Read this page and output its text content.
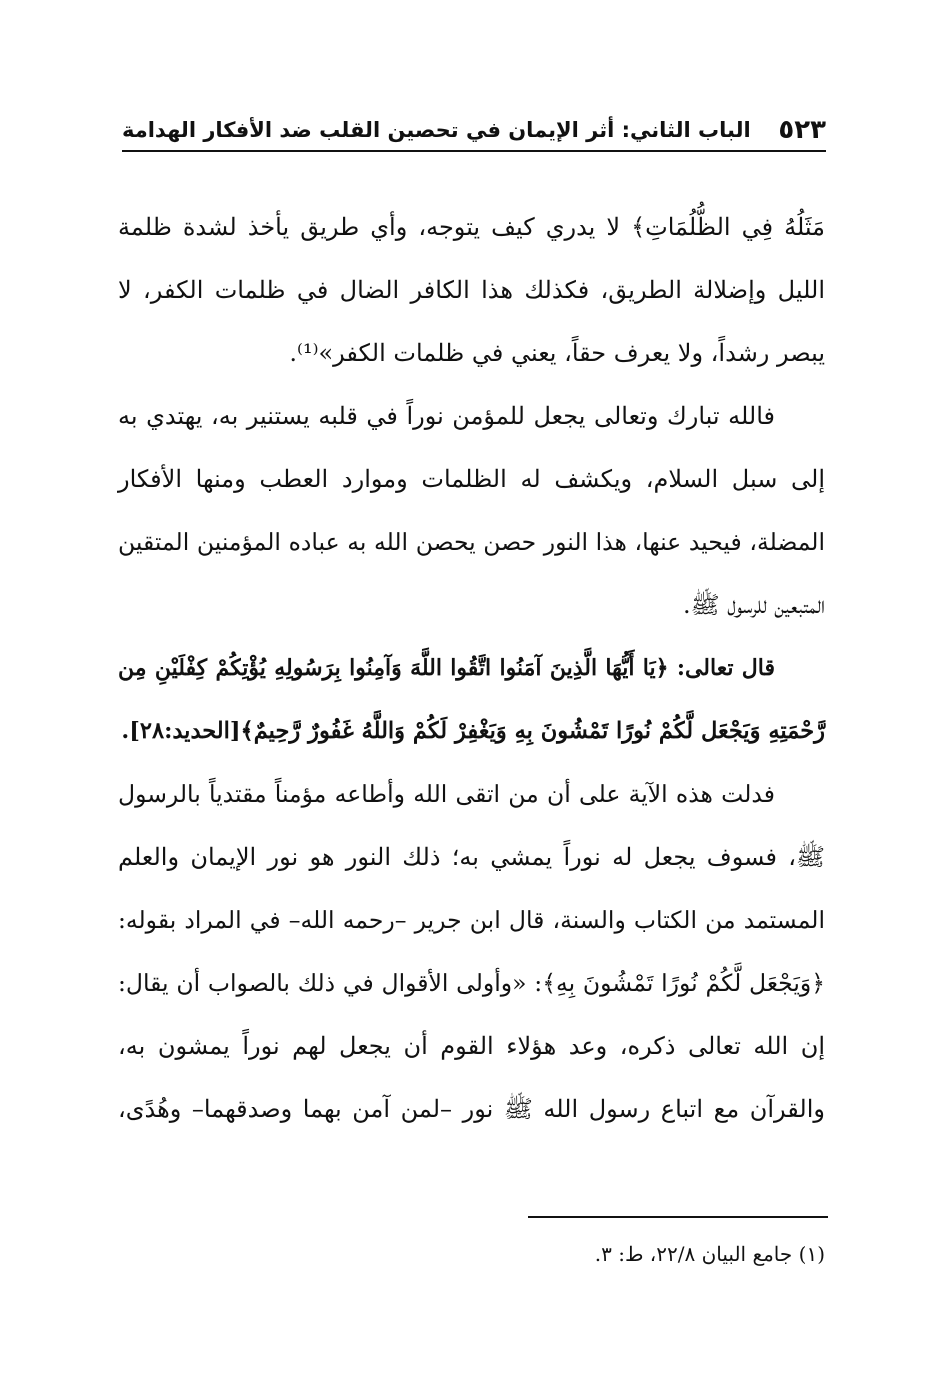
٥٢٣
الباب الثاني: أثر الإيمان في تحصين القلب ضد الأفكار الهدامة
مَثَلُهُ فِي الظُّلُمَاتِ﴾ لا يدري كيف يتوجه، وأي طريق يأخذ لشدة ظلمة
الليل وإضلالة الطريق، فكذلك هذا الكافر الضال في ظلمات الكفر، لا
يبصر رشداً، ولا يعرف حقاً، يعني في ظلمات الكفر»⁽¹⁾.
فالله تبارك وتعالى يجعل للمؤمن نوراً في قلبه يستنير به، يهتدي به
إلى سبل السلام، ويكشف له الظلمات وموارد العطب ومنها الأفكار
المضلة، فيحيد عنها، هذا النور حصن يحصن الله به عباده المؤمنين المتقين
المتبعين للرسول ﷺ.
قال تعالى: ﴿يَا أَيُّهَا الَّذِينَ آمَنُوا اتَّقُوا اللَّهَ وَآمِنُوا بِرَسُولِهِ يُؤْتِكُمْ كِفْلَيْنِ مِن
رَّحْمَتِهِ وَيَجْعَل لَّكُمْ نُورًا تَمْشُونَ بِهِ وَيَغْفِرْ لَكُمْ وَاللَّهُ غَفُورٌ رَّحِيمٌ﴾[الحديد:٢٨].
فدلت هذه الآية على أن من اتقى الله وأطاعه مؤمناً مقتدياً بالرسول
ﷺ، فسوف يجعل له نوراً يمشي به؛ ذلك النور هو نور الإيمان والعلم
المستمد من الكتاب والسنة، قال ابن جرير –رحمه الله– في المراد بقوله:
﴿وَيَجْعَل لَّكُمْ نُورًا تَمْشُونَ بِهِ﴾: «وأولى الأقوال في ذلك بالصواب أن يقال:
إن الله تعالى ذكره، وعد هؤلاء القوم أن يجعل لهم نوراً يمشون به،
والقرآن مع اتباع رسول الله ﷺ نور –لمن آمن بهما وصدقهما– وهُدًى،
(١) جامع البيان ٢٢/٨، ط: ٣.
